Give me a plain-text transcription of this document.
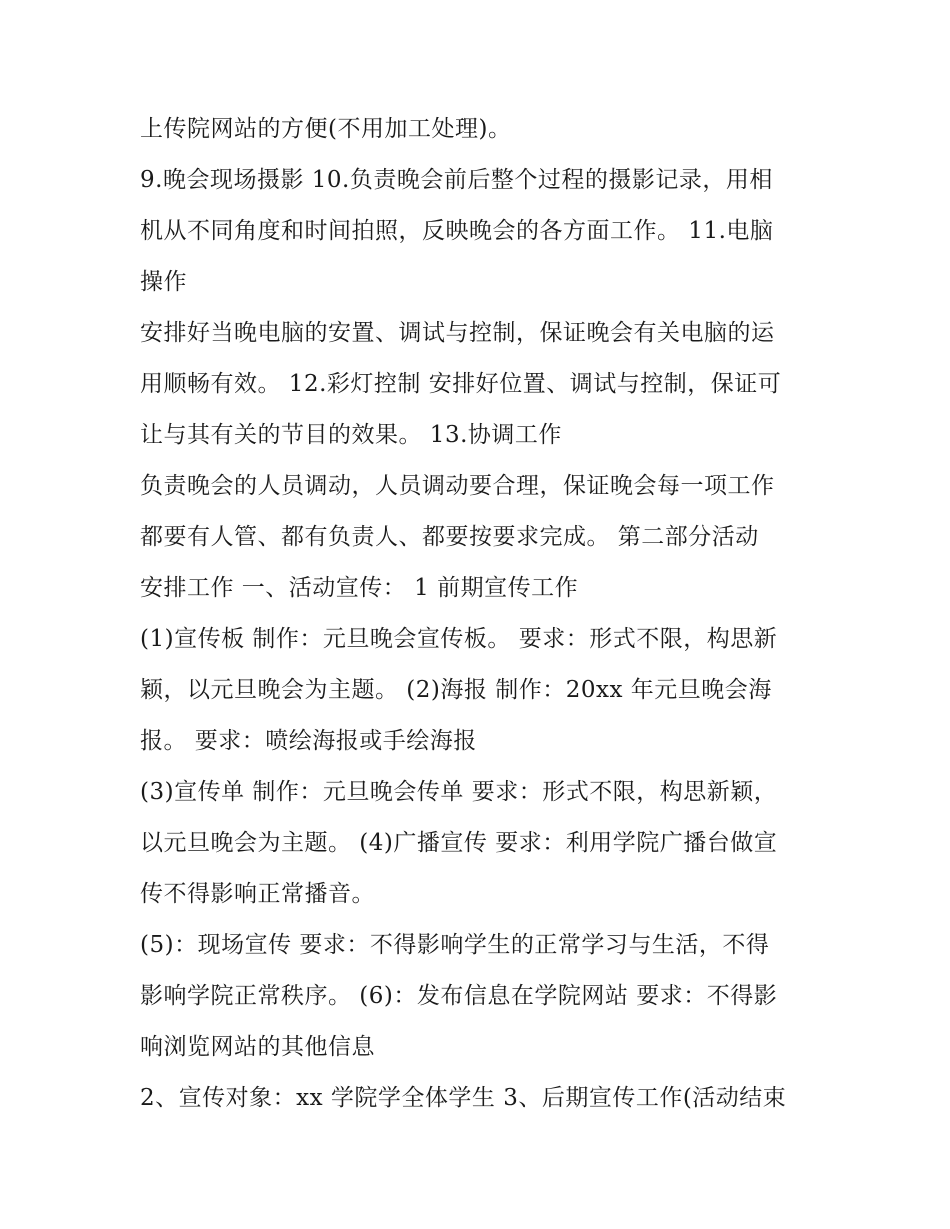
上传院网站的方便(不用加工处理)。
9.晚会现场摄影 10.负责晚会前后整个过程的摄影记录，用相
机从不同角度和时间拍照，反映晚会的各方面工作。 11.电脑
操作
安排好当晚电脑的安置、调试与控制，保证晚会有关电脑的运
用顺畅有效。 12.彩灯控制 安排好位置、调试与控制，保证可
让与其有关的节目的效果。 13.协调工作
负责晚会的人员调动，人员调动要合理，保证晚会每一项工作
都要有人管、都有负责人、都要按要求完成。 第二部分活动
安排工作 一、活动宣传： 1 前期宣传工作
(1)宣传板 制作：元旦晚会宣传板。 要求：形式不限，构思新
颖，以元旦晚会为主题。 (2)海报 制作：20xx 年元旦晚会海
报。 要求：喷绘海报或手绘海报
(3)宣传单 制作：元旦晚会传单 要求：形式不限，构思新颖，
以元旦晚会为主题。 (4)广播宣传 要求：利用学院广播台做宣
传不得影响正常播音。
(5)：现场宣传 要求：不得影响学生的正常学习与生活，不得
影响学院正常秩序。 (6)：发布信息在学院网站 要求：不得影
响浏览网站的其他信息
2、宣传对象：xx 学院学全体学生 3、后期宣传工作(活动结束
